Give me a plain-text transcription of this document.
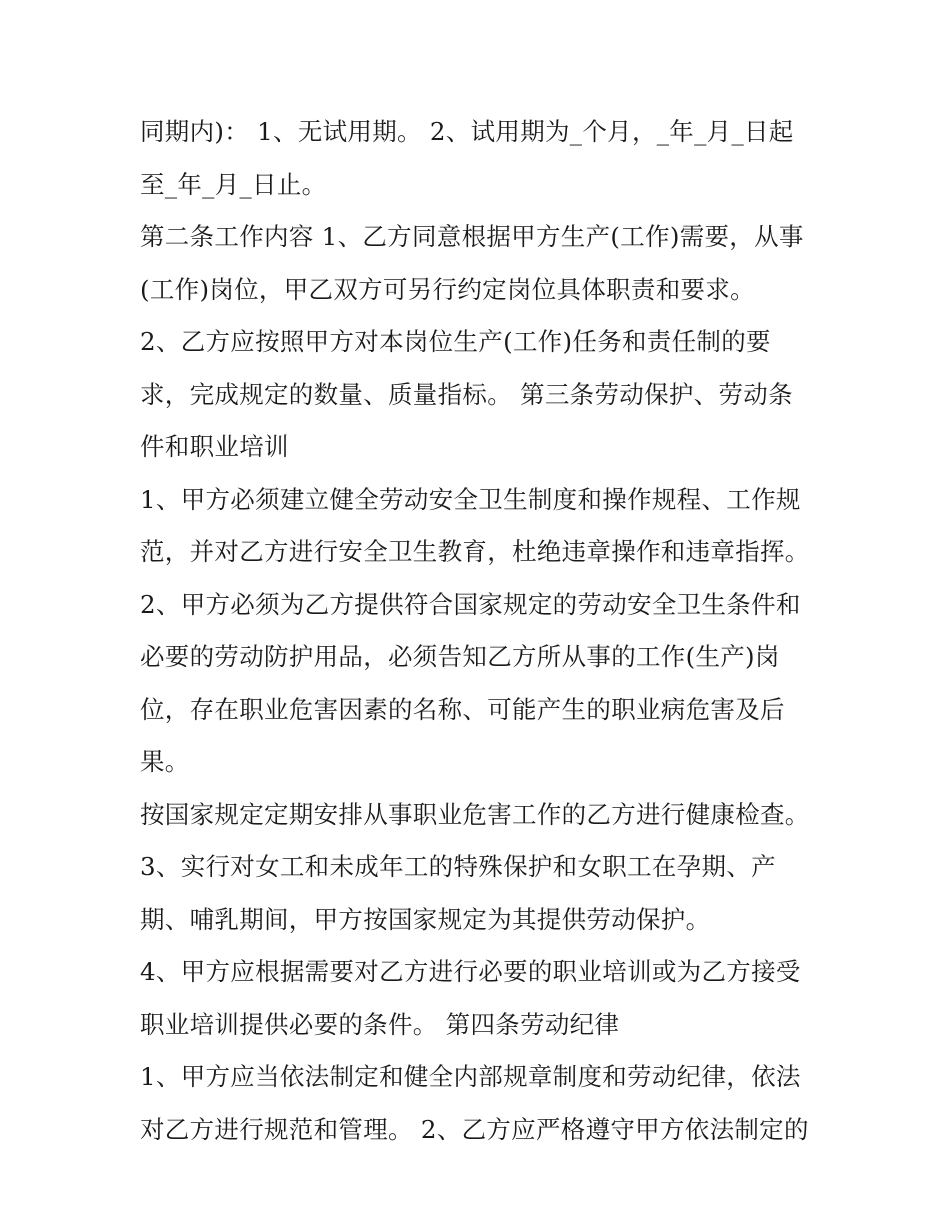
同期内)： 1、无试用期。 2、试用期为_个月，_年_月_日起
至_年_月_日止。
第二条工作内容 1、乙方同意根据甲方生产(工作)需要，从事
(工作)岗位，甲乙双方可另行约定岗位具体职责和要求。
2、乙方应按照甲方对本岗位生产(工作)任务和责任制的要
求，完成规定的数量、质量指标。 第三条劳动保护、劳动条
件和职业培训
1、甲方必须建立健全劳动安全卫生制度和操作规程、工作规
范，并对乙方进行安全卫生教育，杜绝违章操作和违章指挥。
2、甲方必须为乙方提供符合国家规定的劳动安全卫生条件和
必要的劳动防护用品，必须告知乙方所从事的工作(生产)岗
位，存在职业危害因素的名称、可能产生的职业病危害及后
果。
按国家规定定期安排从事职业危害工作的乙方进行健康检查。
3、实行对女工和未成年工的特殊保护和女职工在孕期、产
期、哺乳期间，甲方按国家规定为其提供劳动保护。
4、甲方应根据需要对乙方进行必要的职业培训或为乙方接受
职业培训提供必要的条件。 第四条劳动纪律
1、甲方应当依法制定和健全内部规章制度和劳动纪律，依法
对乙方进行规范和管理。 2、乙方应严格遵守甲方依法制定的
